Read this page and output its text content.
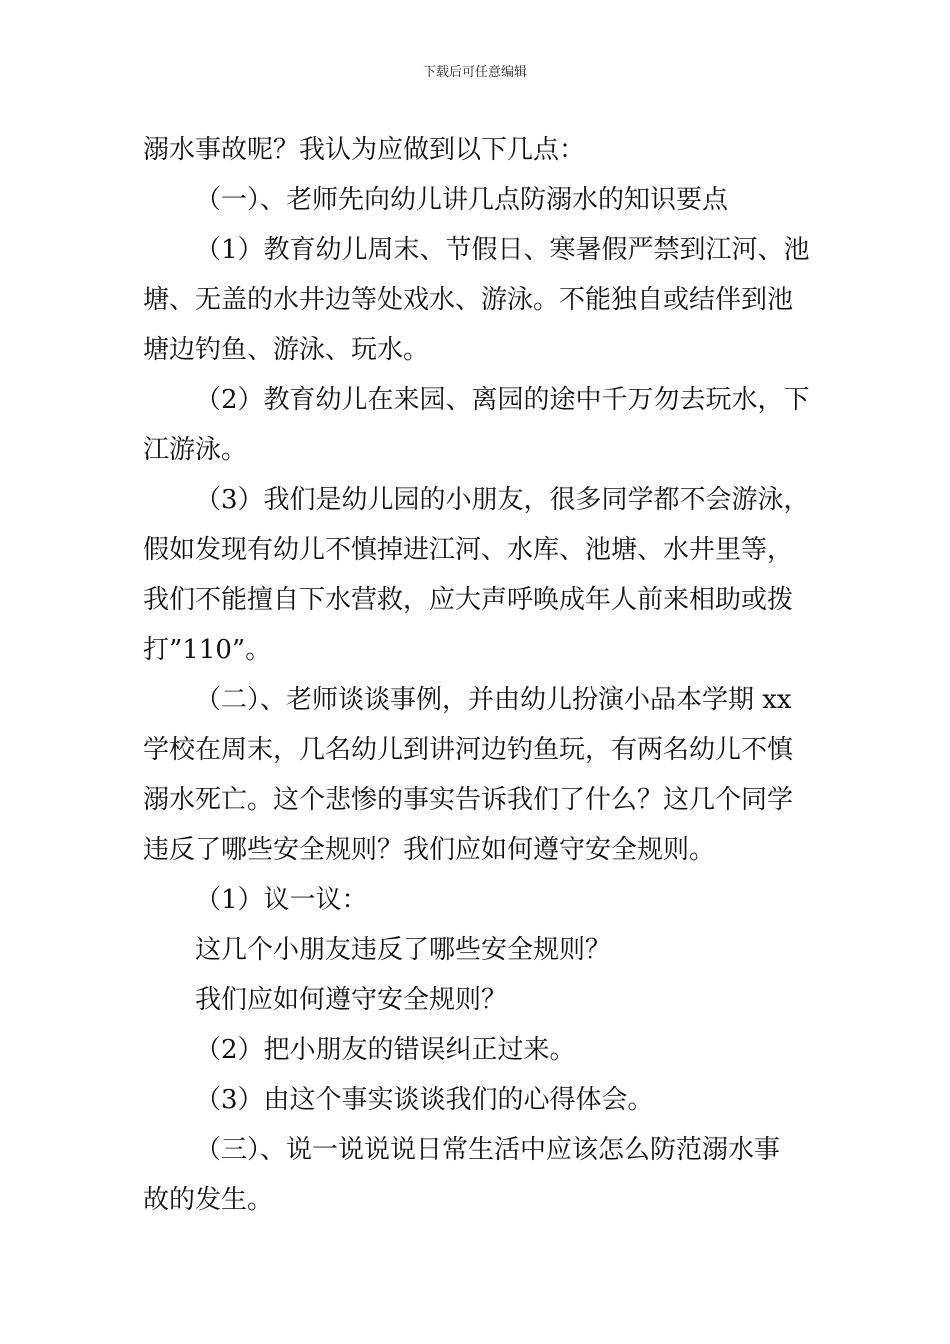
下载后可任意编辑
溺水事故呢？我认为应做到以下几点：
（一）、老师先向幼儿讲几点防溺水的知识要点
（1）教育幼儿周末、节假日、寒暑假严禁到江河、池
塘、无盖的水井边等处戏水、游泳。不能独自或结伴到池
塘边钓鱼、游泳、玩水。
（2）教育幼儿在来园、离园的途中千万勿去玩水，下
江游泳。
（3）我们是幼儿园的小朋友，很多同学都不会游泳，
假如发现有幼儿不慎掉进江河、水库、池塘、水井里等，
我们不能擅自下水营救，应大声呼唤成年人前来相助或拨
打”110”。
（二）、老师谈谈事例，并由幼儿扮演小品本学期 xx
学校在周末，几名幼儿到讲河边钓鱼玩，有两名幼儿不慎
溺水死亡。这个悲惨的事实告诉我们了什么？这几个同学
违反了哪些安全规则？我们应如何遵守安全规则。
（1）议一议：
这几个小朋友违反了哪些安全规则？
我们应如何遵守安全规则？
（2）把小朋友的错误纠正过来。
（3）由这个事实谈谈我们的心得体会。
（三）、说一说说说日常生活中应该怎么防范溺水事
故的发生。
